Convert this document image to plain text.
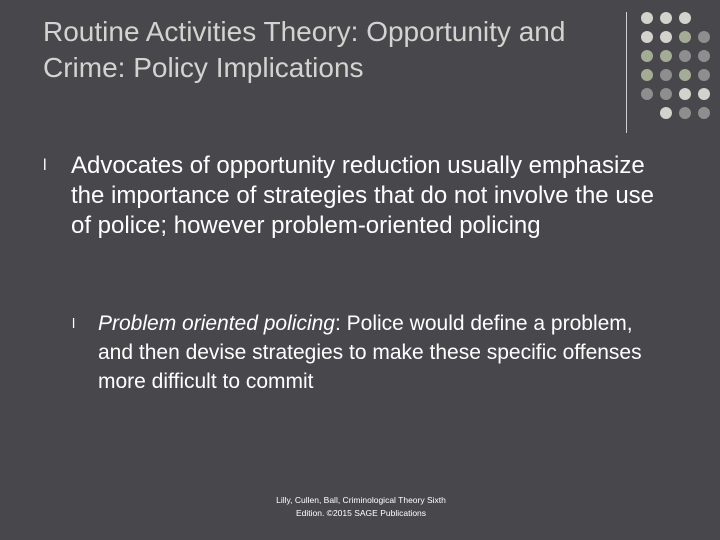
Routine Activities Theory: Opportunity and Crime: Policy Implications
l Advocates of opportunity reduction usually emphasize the importance of strategies that do not involve the use of police; however problem-oriented policing
l Problem oriented policing: Police would define a problem, and then devise strategies to make these specific offenses more difficult to commit
Lilly, Cullen, Ball, Criminological Theory Sixth
Edition. ©2015 SAGE Publications
